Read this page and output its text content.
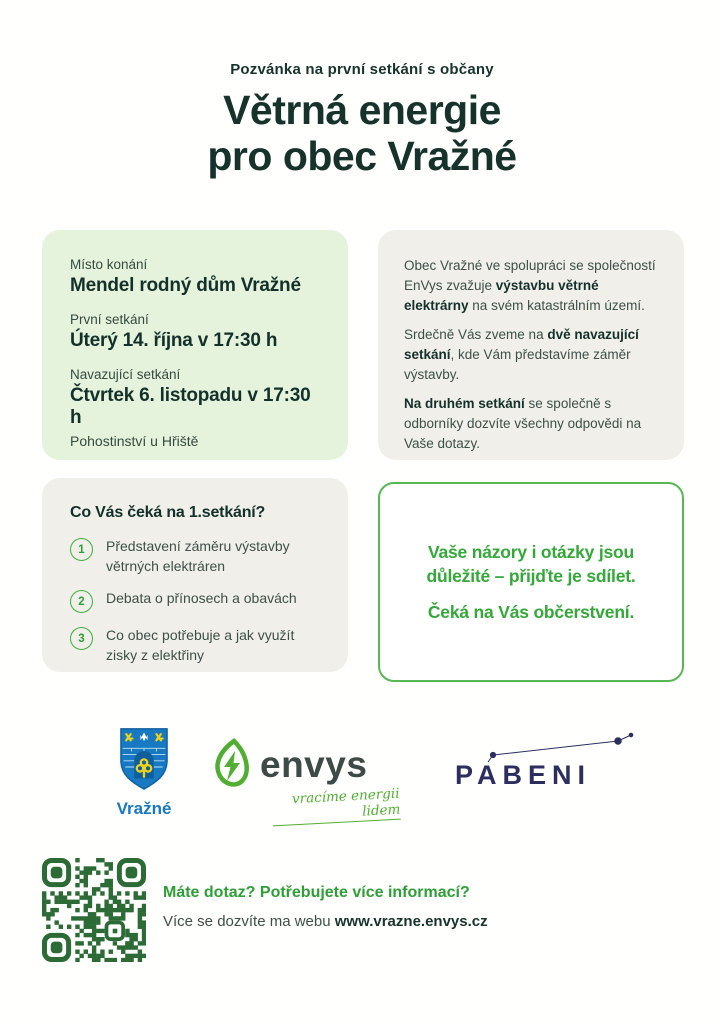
Pozvánka na první setkání s občany
Větrná energie
pro obec Vražné
Místo konání
Mendel rodný dům Vražné
První setkání
Úterý 14. října v 17:30 h
Navazující setkání
Čtvrtek 6. listopadu v 17:30 h
Pohostinství u Hřiště

Obec Vražné ve spolupráci se společností EnVys zvažuje výstavbu větrné elektrárny na svém katastrálním území.

Srdečně Vás zveme na dvě navazující setkání, kde Vám představíme záměr výstavby.

Na druhém setkání se společně s odborníky dozvíte všechny odpovědi na Vaše dotazy.

Co Vás čeká na 1.setkání?
1	Představení záměru výstavby větrných elektráren
2	Debata o přínosech a obavách
3	Co obec potřebuje a jak využít zisky z elektřiny
Vaše názory i otázky jsou důležité – přijďte je sdílet.
Čeká na Vás občerstvení.
Vražné
envys
vracíme energii lidem
PABENI
Máte dotaz? Potřebujete více informací?
Více se dozvíte ma webu www.vrazne.envys.cz
